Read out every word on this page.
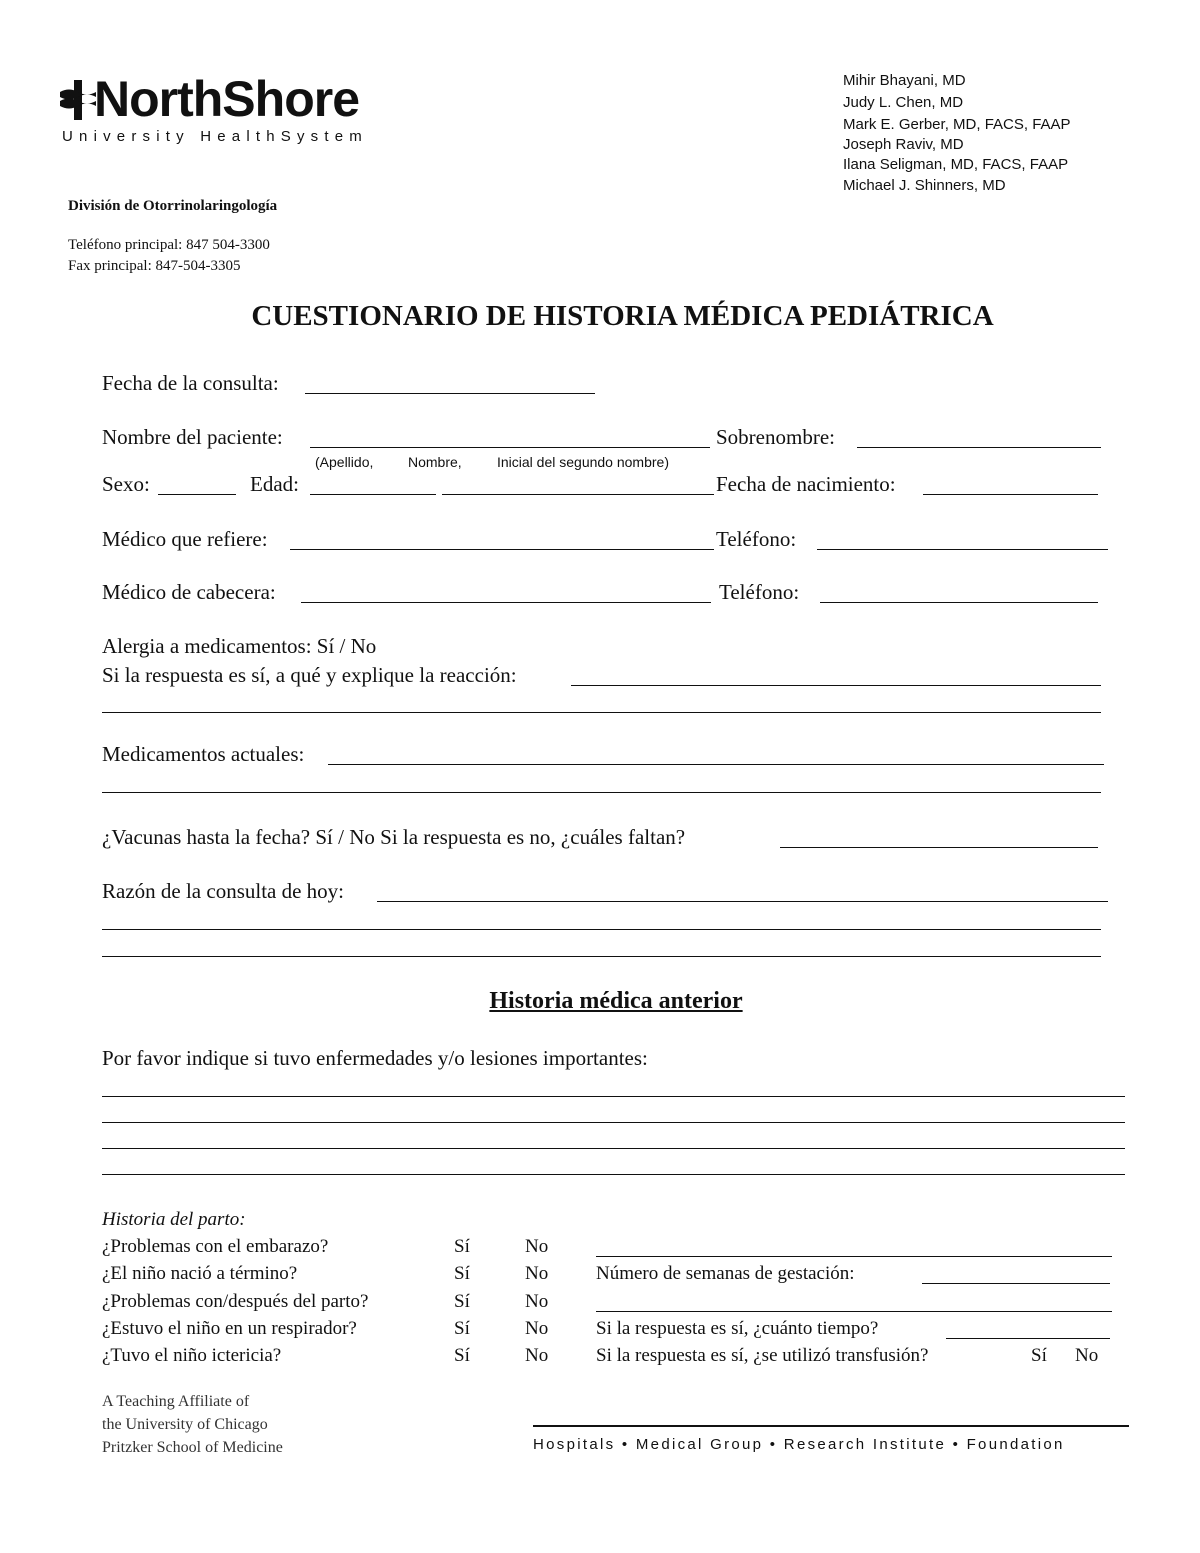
NorthShore
University HealthSystem
Mihir Bhayani, MD
Judy L. Chen, MD
Mark E. Gerber, MD, FACS, FAAP
Joseph Raviv, MD
Ilana Seligman, MD, FACS, FAAP
Michael J. Shinners, MD
División de Otorrinolaringología
Teléfono principal: 847 504-3300
Fax principal: 847-504-3305
CUESTIONARIO DE HISTORIA MÉDICA PEDIÁTRICA
Fecha de la consulta:
Nombre del paciente:	Sobrenombre:
(Apellido, Nombre,	Inicial del segundo nombre)
Sexo:	Edad:	Fecha de nacimiento:
Médico que refiere:	Teléfono:
Médico de cabecera:	Teléfono:
Alergia a medicamentos: Sí / No
Si la respuesta es sí, a qué y explique la reacción:
Medicamentos actuales:
¿Vacunas hasta la fecha? Sí / No Si la respuesta es no, ¿cuáles faltan?
Razón de la consulta de hoy:
Historia médica anterior
Por favor indique si tuvo enfermedades y/o lesiones importantes:
Historia del parto:
¿Problemas con el embarazo?	Sí	No
¿El niño nació a término?	Sí	No	Número de semanas de gestación:
¿Problemas con/después del parto?	Sí	No
¿Estuvo el niño en un respirador?	Sí	No	Si la respuesta es sí, ¿cuánto tiempo?
¿Tuvo el niño ictericia?	Sí	No	Si la respuesta es sí, ¿se utilizó transfusión?	Sí No
A Teaching Affiliate of
the University of Chicago
Pritzker School of Medicine	Hospitals • Medical Group • Research Institute • Foundation
